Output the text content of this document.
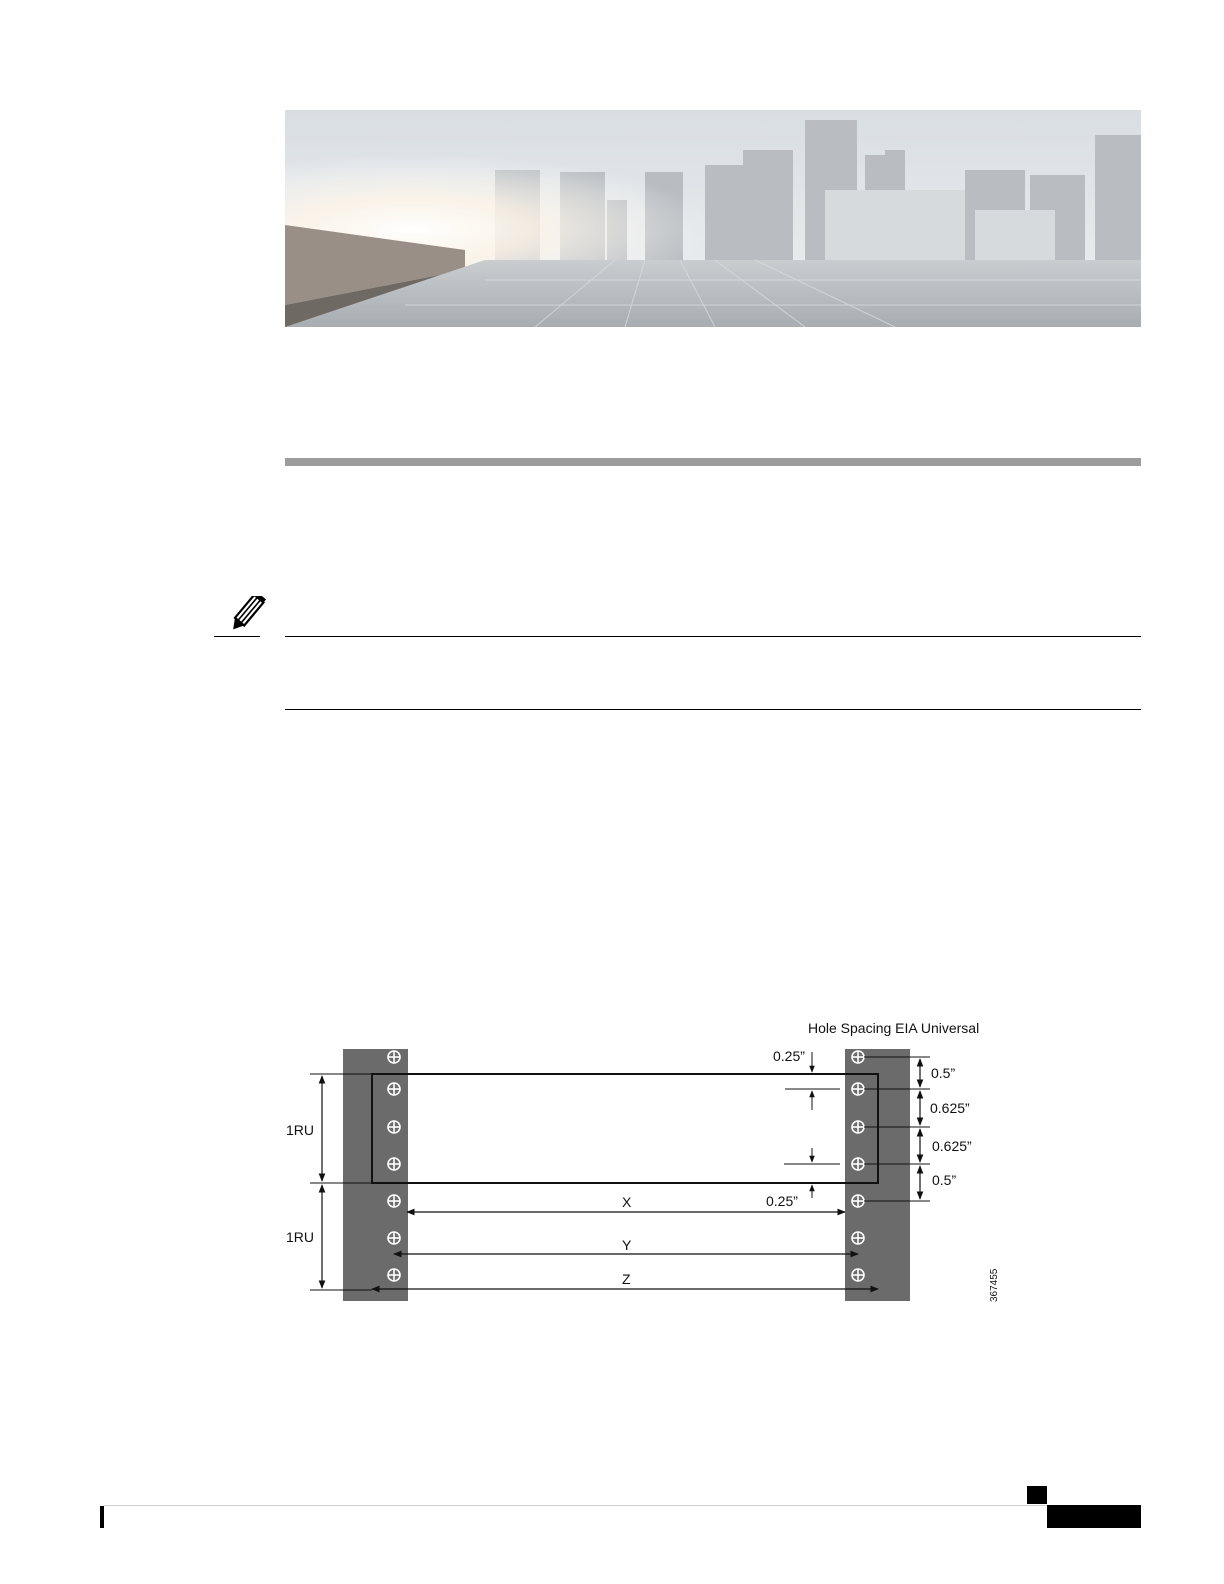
Hole Spacing EIA Universal
1RU
1RU
0.5”
0.625”
0.625”
0.5”
0.25”
0.25”
X
Y
Z	367455
